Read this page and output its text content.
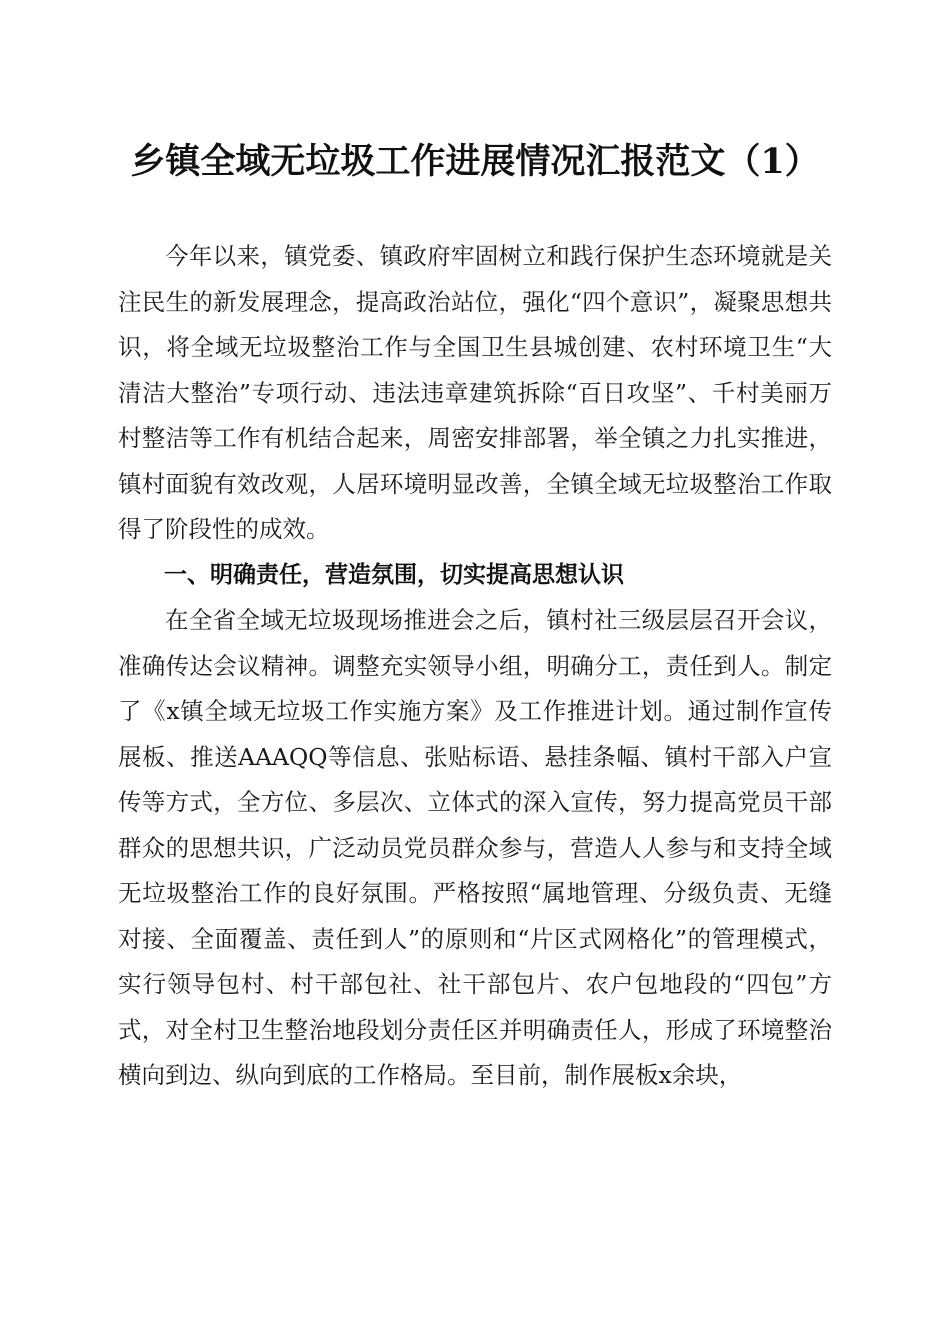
乡镇全域无垃圾工作进展情况汇报范文（1）

今年以来，镇党委、镇政府牢固树立和践行保护生态环境就是关注民生的新发展理念，提高政治站位，强化“四个意识”，凝聚思想共识，将全域无垃圾整治工作与全国卫生县城创建、农村环境卫生“大清洁大整治”专项行动、违法违章建筑拆除“百日攻坚”、千村美丽万村整洁等工作有机结合起来，周密安排部署，举全镇之力扎实推进，镇村面貌有效改观，人居环境明显改善，全镇全域无垃圾整治工作取得了阶段性的成效。

一、明确责任，营造氛围，切实提高思想认识

在全省全域无垃圾现场推进会之后，镇村社三级层层召开会议，准确传达会议精神。调整充实领导小组，明确分工，责任到人。制定了《x镇全域无垃圾工作实施方案》及工作推进计划。通过制作宣传展板、推送AAAQQ等信息、张贴标语、悬挂条幅、镇村干部入户宣传等方式，全方位、多层次、立体式的深入宣传，努力提高党员干部群众的思想共识，广泛动员党员群众参与，营造人人参与和支持全域无垃圾整治工作的良好氛围。严格按照“属地管理、分级负责、无缝对接、全面覆盖、责任到人”的原则和“片区式网格化”的管理模式，实行领导包村、村干部包社、社干部包片、农户包地段的“四包”方式，对全村卫生整治地段划分责任区并明确责任人，形成了环境整治横向到边、纵向到底的工作格局。至目前，制作展板x余块，
